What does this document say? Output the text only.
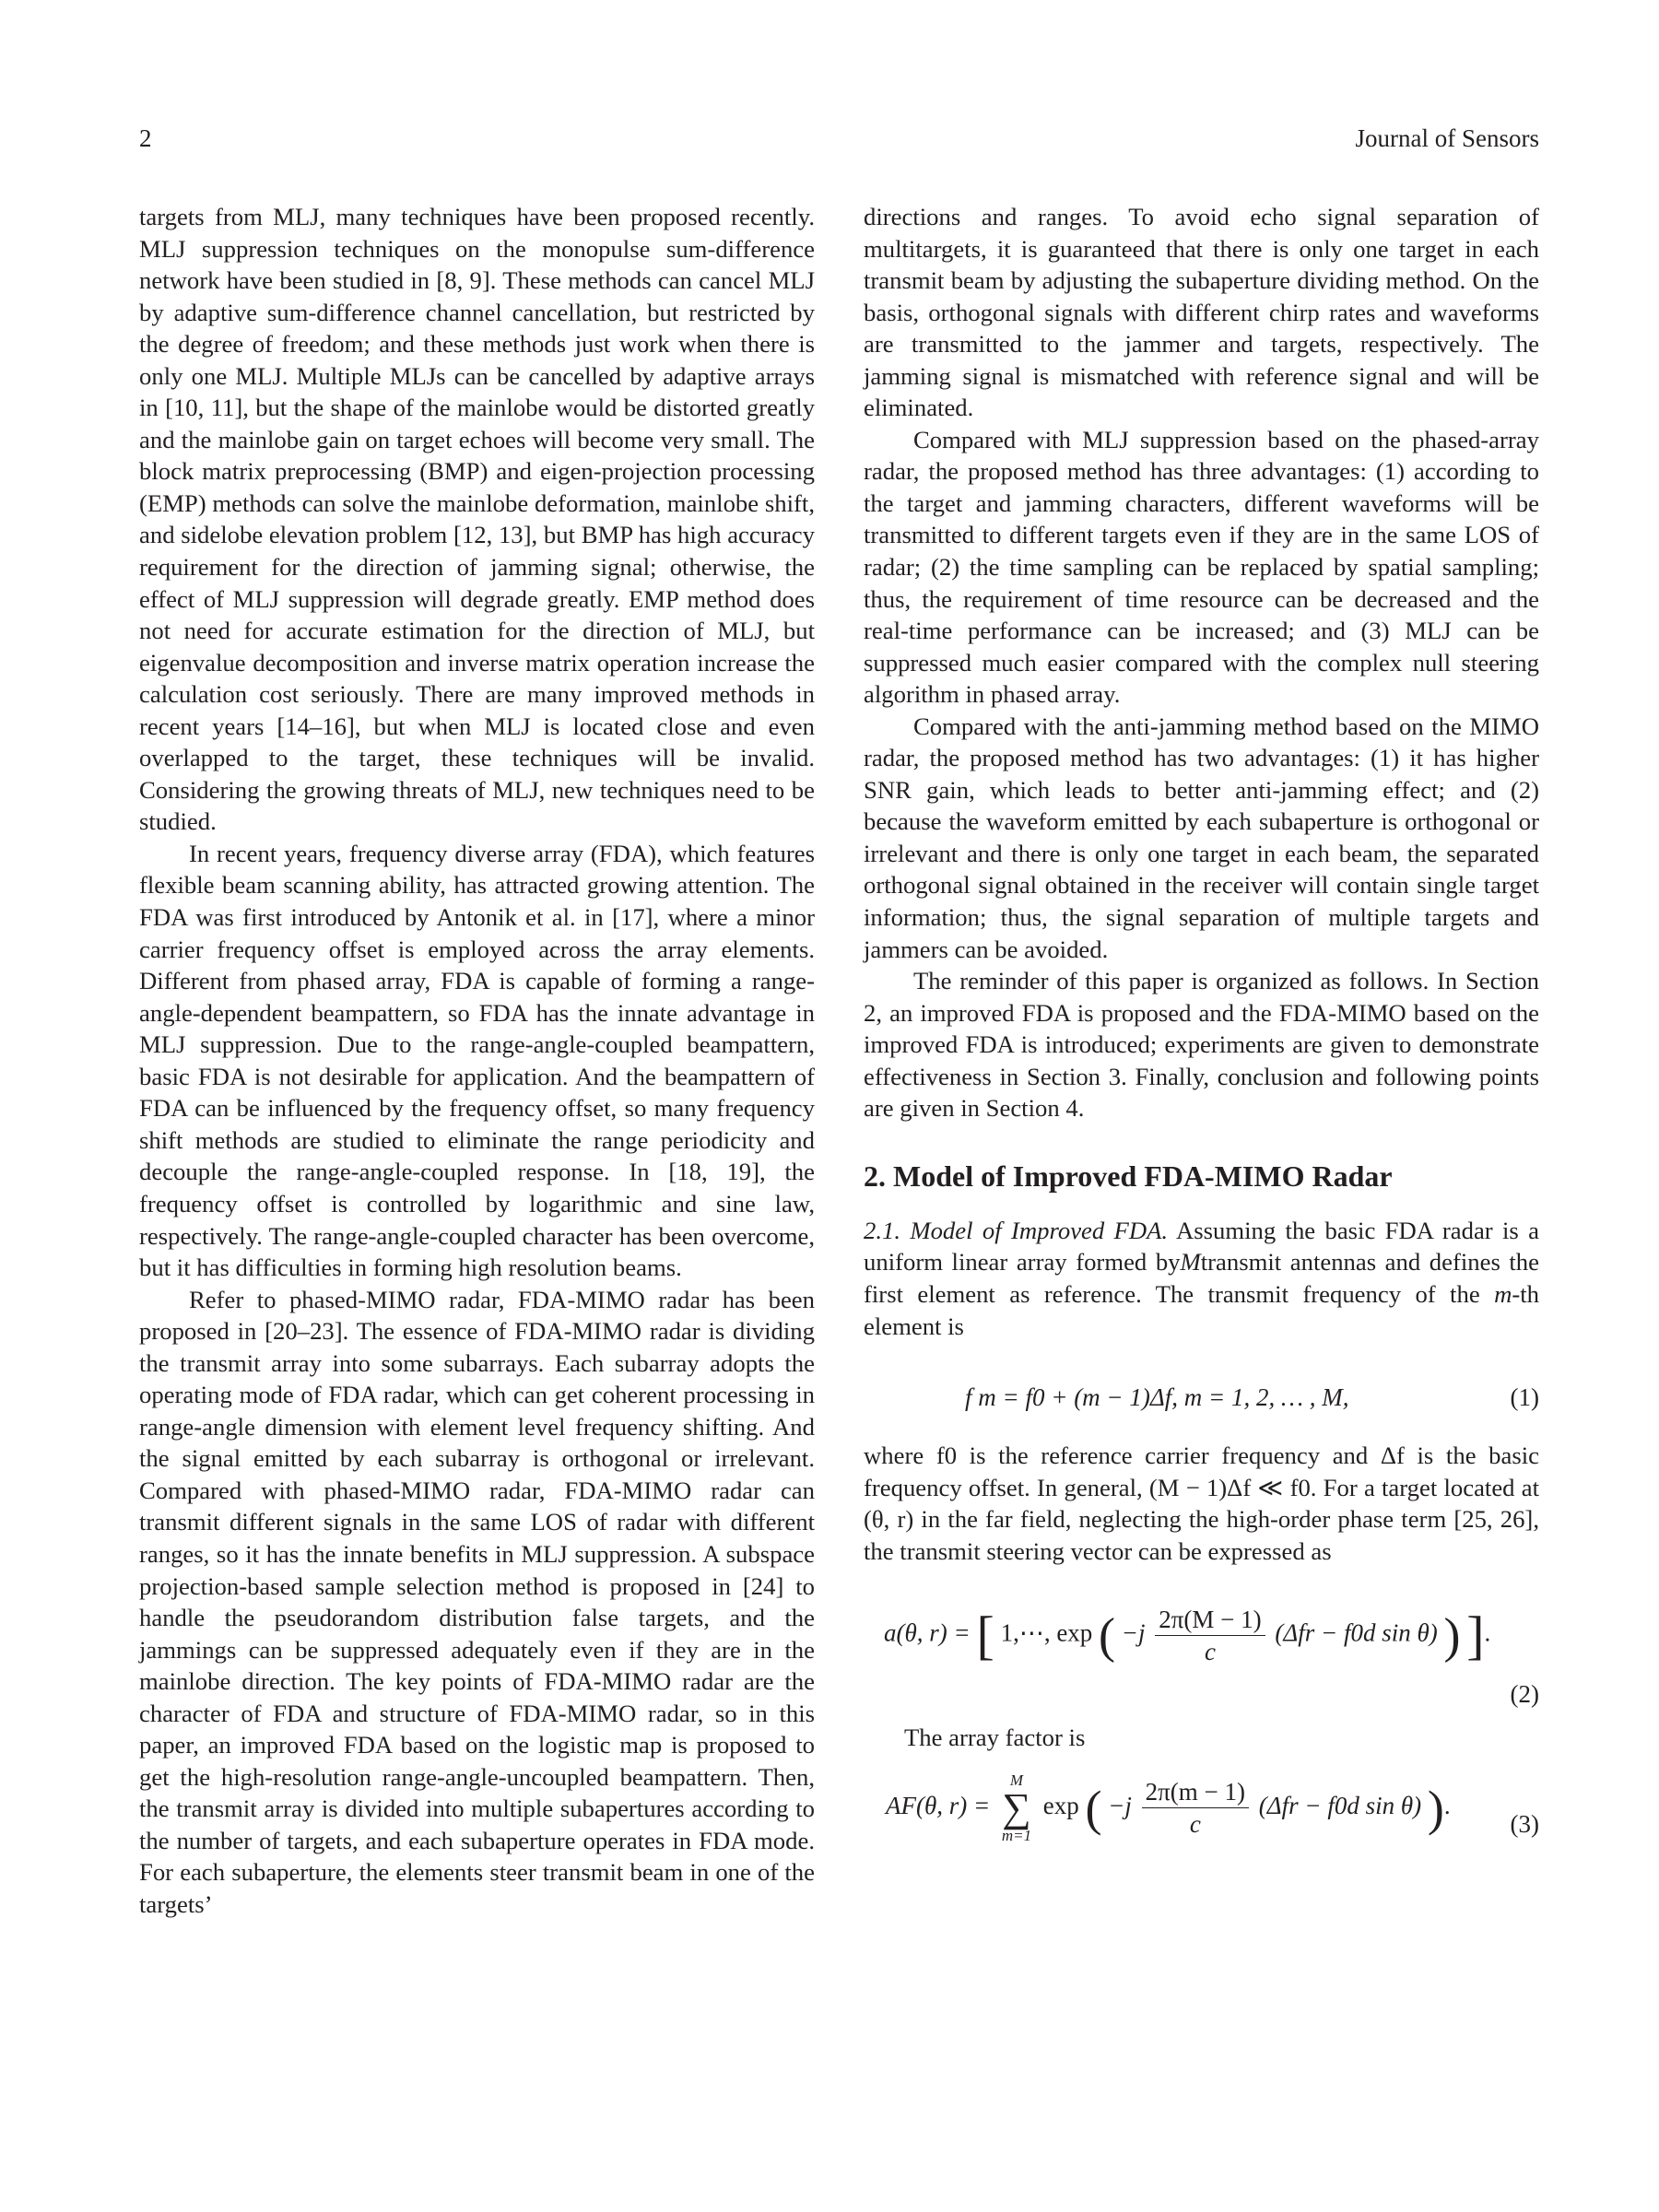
2	Journal of Sensors

targets from MLJ, many techniques have been proposed recently. MLJ suppression techniques on the monopulse sum-difference network have been studied in [8, 9]. These methods can cancel MLJ by adaptive sum-difference channel cancellation, but restricted by the degree of freedom; and these methods just work when there is only one MLJ. Multiple MLJs can be cancelled by adaptive arrays in [10, 11], but the shape of the mainlobe would be distorted greatly and the mainlobe gain on target echoes will become very small. The block matrix preprocessing (BMP) and eigen-projection processing (EMP) methods can solve the mainlobe deformation, mainlobe shift, and sidelobe elevation problem [12, 13], but BMP has high accuracy requirement for the direction of jamming signal; otherwise, the effect of MLJ suppression will degrade greatly. EMP method does not need for accurate estimation for the direction of MLJ, but eigenvalue decomposition and inverse matrix operation increase the calculation cost seriously. There are many improved methods in recent years [14–16], but when MLJ is located close and even overlapped to the target, these techniques will be invalid. Considering the growing threats of MLJ, new techniques need to be studied.

In recent years, frequency diverse array (FDA), which features flexible beam scanning ability, has attracted growing attention. The FDA was first introduced by Antonik et al. in [17], where a minor carrier frequency offset is employed across the array elements. Different from phased array, FDA is capable of forming a range-angle-dependent beampattern, so FDA has the innate advantage in MLJ suppression. Due to the range-angle-coupled beampattern, basic FDA is not desirable for application. And the beampattern of FDA can be influenced by the frequency offset, so many frequency shift methods are studied to eliminate the range periodicity and decouple the range-angle-coupled response. In [18, 19], the frequency offset is controlled by logarithmic and sine law, respectively. The range-angle-coupled character has been overcome, but it has difficulties in forming high resolution beams.

Refer to phased-MIMO radar, FDA-MIMO radar has been proposed in [20–23]. The essence of FDA-MIMO radar is dividing the transmit array into some subarrays. Each subarray adopts the operating mode of FDA radar, which can get coherent processing in range-angle dimension with element level frequency shifting. And the signal emitted by each subarray is orthogonal or irrelevant. Compared with phased-MIMO radar, FDA-MIMO radar can transmit different signals in the same LOS of radar with different ranges, so it has the innate benefits in MLJ suppression. A subspace projection-based sample selection method is proposed in [24] to handle the pseudorandom distribution false targets, and the jammings can be suppressed adequately even if they are in the mainlobe direction. The key points of FDA-MIMO radar are the character of FDA and structure of FDA-MIMO radar, so in this paper, an improved FDA based on the logistic map is proposed to get the high-resolution range-angle-uncoupled beampattern. Then, the transmit array is divided into multiple subapertures according to the number of targets, and each subaperture operates in FDA mode. For each subaperture, the elements steer transmit beam in one of the targets’

directions and ranges. To avoid echo signal separation of multitargets, it is guaranteed that there is only one target in each transmit beam by adjusting the subaperture dividing method. On the basis, orthogonal signals with different chirp rates and waveforms are transmitted to the jammer and targets, respectively. The jamming signal is mismatched with reference signal and will be eliminated.

Compared with MLJ suppression based on the phased-array radar, the proposed method has three advantages: (1) according to the target and jamming characters, different waveforms will be transmitted to different targets even if they are in the same LOS of radar; (2) the time sampling can be replaced by spatial sampling; thus, the requirement of time resource can be decreased and the real-time performance can be increased; and (3) MLJ can be suppressed much easier compared with the complex null steering algorithm in phased array.

Compared with the anti-jamming method based on the MIMO radar, the proposed method has two advantages: (1) it has higher SNR gain, which leads to better anti-jamming effect; and (2) because the waveform emitted by each subaperture is orthogonal or irrelevant and there is only one target in each beam, the separated orthogonal signal obtained in the receiver will contain single target information; thus, the signal separation of multiple targets and jammers can be avoided.

The reminder of this paper is organized as follows. In Section 2, an improved FDA is proposed and the FDA-MIMO based on the improved FDA is introduced; experiments are given to demonstrate effectiveness in Section 3. Finally, conclusion and following points are given in Section 4.

2. Model of Improved FDA-MIMO Radar

2.1. Model of Improved FDA. Assuming the basic FDA radar is a uniform linear array formed byMtransmit antennas and defines the first element as reference. The transmit frequency of the m-th element is

f m = f0 + (m − 1)Δf, m = 1, 2, … , M,	(1)

where f0 is the reference carrier frequency and Δf is the basic frequency offset. In general, (M − 1)Δf ≪ f0. For a target located at (θ, r) in the far field, neglecting the high-order phase term [25, 26], the transmit steering vector can be expressed as

a(θ, r) = [ 1,⋯, exp ( $-j \frac{2\pi(M - 1)}{c} (\Delta fr - f0d$ sin θ) ) ].
(2)

The array factor is

AF(θ, r) =
M
∑
m=1
exp ( $-j \frac{2\pi(m - 1)}{c} (\Delta fr - f0d$ sin θ) ).
(3)
